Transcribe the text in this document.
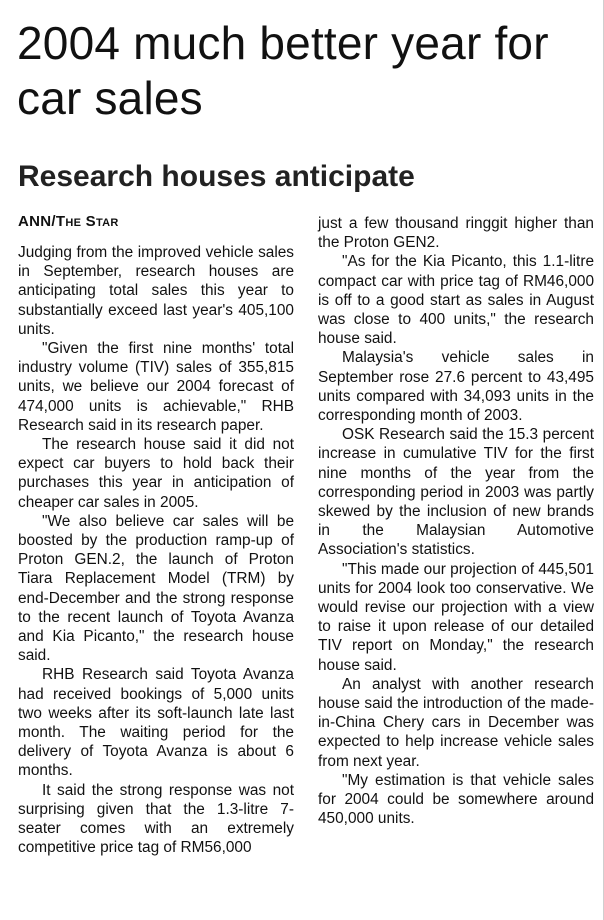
2004 much better year for car sales
Research houses anticipate
ANN/The Star

Judging from the improved vehicle sales in September, research houses are anticipating total sales this year to substantially exceed last year's 405,100 units.

"Given the first nine months' total industry volume (TIV) sales of 355,815 units, we believe our 2004 forecast of 474,000 units is achievable," RHB Research said in its research paper.

The research house said it did not expect car buyers to hold back their purchases this year in anticipation of cheaper car sales in 2005.

"We also believe car sales will be boosted by the production ramp-up of Proton GEN.2, the launch of Proton Tiara Replacement Model (TRM) by end-December and the strong response to the recent launch of Toyota Avanza and Kia Picanto," the research house said.

RHB Research said Toyota Avanza had received bookings of 5,000 units two weeks after its soft-launch late last month. The waiting period for the delivery of Toyota Avanza is about 6 months.

It said the strong response was not surprising given that the 1.3-litre 7-seater comes with an extremely competitive price tag of RM56,000

just a few thousand ringgit higher than the Proton GEN2.

"As for the Kia Picanto, this 1.1-litre compact car with price tag of RM46,000 is off to a good start as sales in August was close to 400 units," the research house said.

Malaysia's vehicle sales in September rose 27.6 percent to 43,495 units compared with 34,093 units in the corresponding month of 2003.

OSK Research said the 15.3 percent increase in cumulative TIV for the first nine months of the year from the corresponding period in 2003 was partly skewed by the inclusion of new brands in the Malaysian Automotive Association's statistics.

"This made our projection of 445,501 units for 2004 look too conservative. We would revise our projection with a view to raise it upon release of our detailed TIV report on Monday," the research house said.

An analyst with another research house said the introduction of the made-in-China Chery cars in December was expected to help increase vehicle sales from next year.

"My estimation is that vehicle sales for 2004 could be somewhere around 450,000 units.
